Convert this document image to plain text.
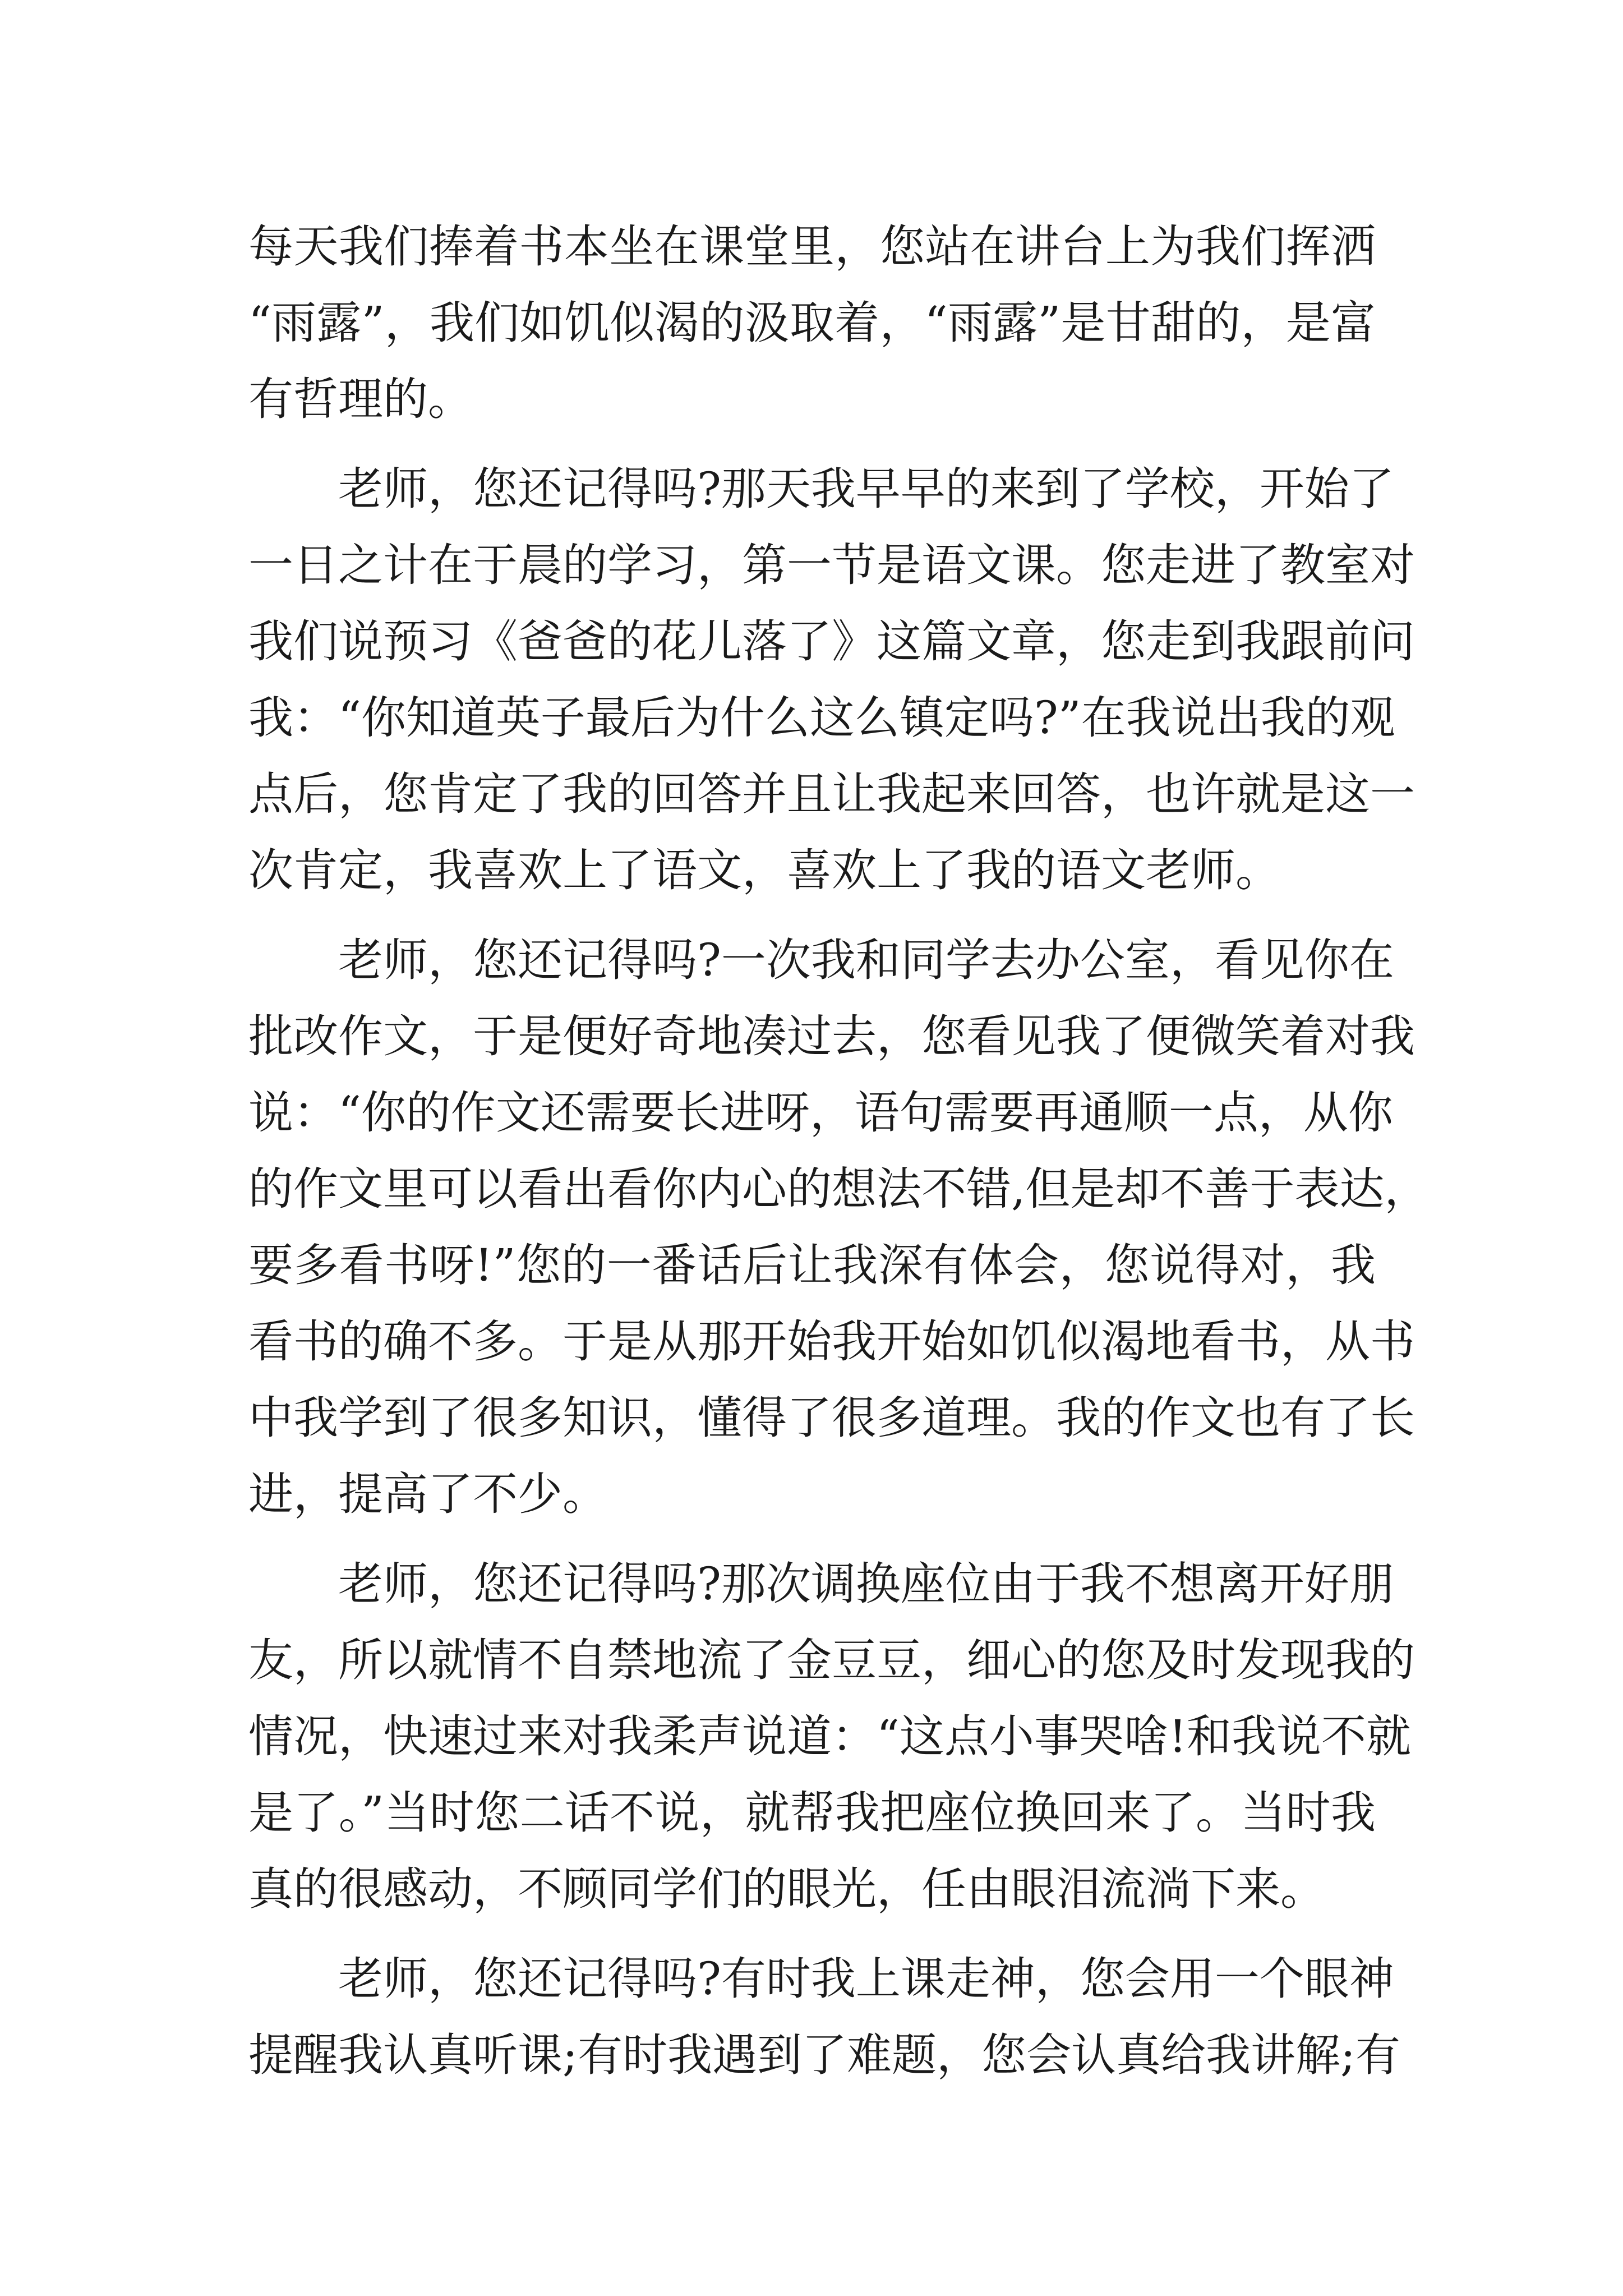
每天我们捧着书本坐在课堂里，您站在讲台上为我们挥洒
“雨露”，我们如饥似渴的汲取着，“雨露”是甘甜的，是富
有哲理的。
老师，您还记得吗?那天我早早的来到了学校，开始了
一日之计在于晨的学习，第一节是语文课。您走进了教室对
我们说预习《爸爸的花儿落了》这篇文章，您走到我跟前问
我：“你知道英子最后为什么这么镇定吗?”在我说出我的观
点后，您肯定了我的回答并且让我起来回答，也许就是这一
次肯定，我喜欢上了语文，喜欢上了我的语文老师。
老师，您还记得吗?一次我和同学去办公室，看见你在
批改作文，于是便好奇地凑过去，您看见我了便微笑着对我
说：“你的作文还需要长进呀，语句需要再通顺一点，从你
的作文里可以看出看你内心的想法不错,但是却不善于表达，
要多看书呀!”您的一番话后让我深有体会，您说得对，我
看书的确不多。于是从那开始我开始如饥似渴地看书，从书
中我学到了很多知识，懂得了很多道理。我的作文也有了长
进，提高了不少。
老师，您还记得吗?那次调换座位由于我不想离开好朋
友，所以就情不自禁地流了金豆豆，细心的您及时发现我的
情况，快速过来对我柔声说道：“这点小事哭啥!和我说不就
是了。”当时您二话不说，就帮我把座位换回来了。当时我
真的很感动，不顾同学们的眼光，任由眼泪流淌下来。
老师，您还记得吗?有时我上课走神，您会用一个眼神
提醒我认真听课;有时我遇到了难题，您会认真给我讲解;有
